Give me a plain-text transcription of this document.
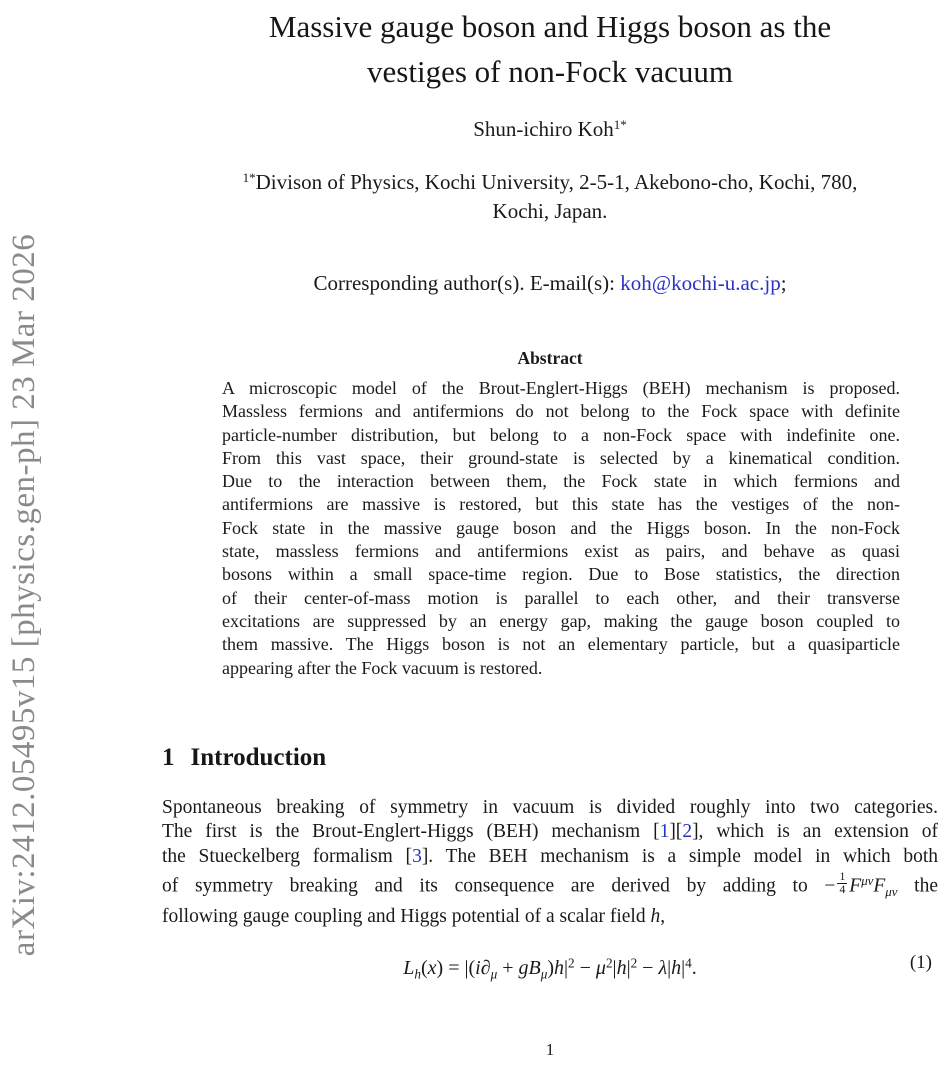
arXiv:2412.05495v15 [physics.gen-ph] 23 Mar 2026
Massive gauge boson and Higgs boson as the
vestiges of non-Fock vacuum
Shun-ichiro Koh$^{1*}$
$^{1*}$Divison of Physics, Kochi University, 2-5-1, Akebono-cho, Kochi, 780,
Kochi, Japan.
Corresponding author(s). E-mail(s): koh@kochi-u.ac.jp;
Abstract
A microscopic model of the Brout-Englert-Higgs (BEH) mechanism is proposed.
Massless fermions and antifermions do not belong to the Fock space with definite
particle-number distribution, but belong to a non-Fock space with indefinite one.
From this vast space, their ground-state is selected by a kinematical condition.
Due to the interaction between them, the Fock state in which fermions and
antifermions are massive is restored, but this state has the vestiges of the non-
Fock state in the massive gauge boson and the Higgs boson. In the non-Fock
state, massless fermions and antifermions exist as pairs, and behave as quasi
bosons within a small space-time region. Due to Bose statistics, the direction
of their center-of-mass motion is parallel to each other, and their transverse
excitations are suppressed by an energy gap, making the gauge boson coupled to
them massive. The Higgs boson is not an elementary particle, but a quasiparticle
appearing after the Fock vacuum is restored.
1 Introduction
Spontaneous breaking of symmetry in vacuum is divided roughly into two categories.
The first is the Brout-Englert-Higgs (BEH) mechanism [1][2], which is an extension of
the Stueckelberg formalism [3]. The BEH mechanism is a simple model in which both
of symmetry breaking and its consequence are derived by adding to − $\frac{1}{4} F^{\mu\nu}F_{\mu\nu}$ the
following gauge coupling and Higgs potential of a scalar field h,
$L_h(x) = |(i\partial_\mu + gB_\mu)h|^2 - \mu^2|h|^2 - \lambda|h|^4$.	(1)
1
